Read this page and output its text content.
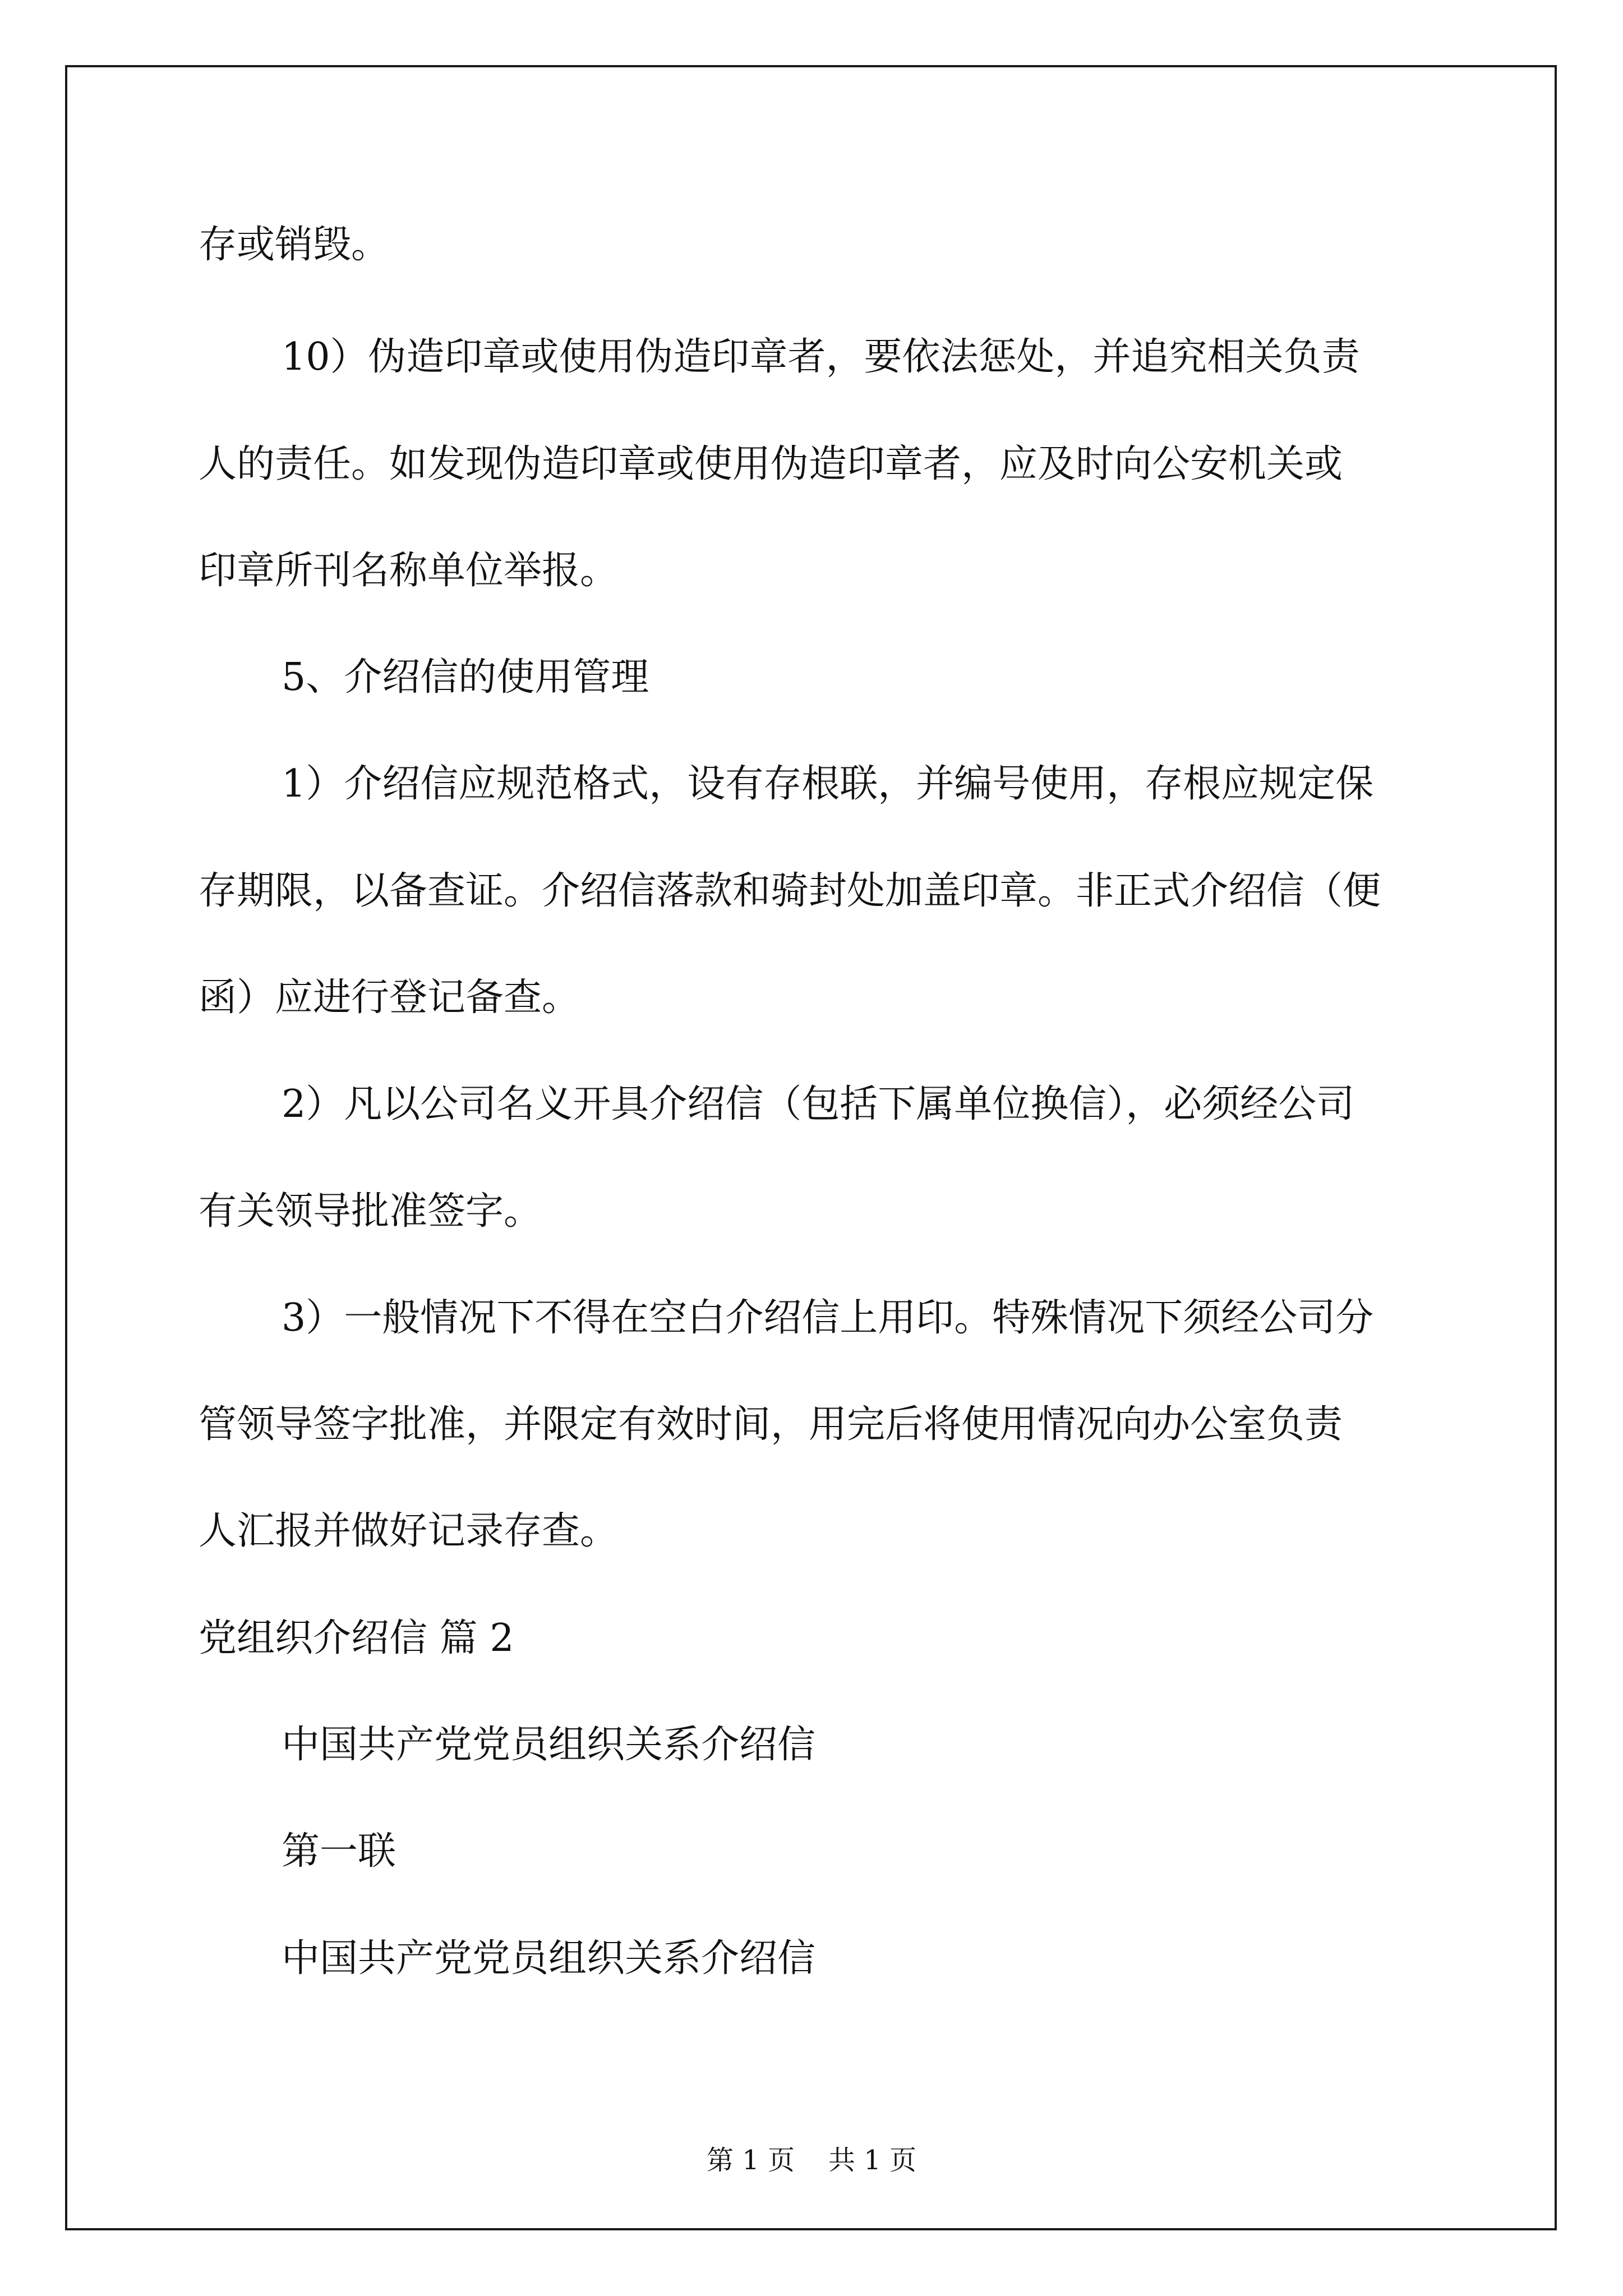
存或销毁。
10）伪造印章或使用伪造印章者，要依法惩处，并追究相关负责
人的责任。如发现伪造印章或使用伪造印章者，应及时向公安机关或
印章所刊名称单位举报。
5、介绍信的使用管理
1）介绍信应规范格式，设有存根联，并编号使用，存根应规定保
存期限，以备查证。介绍信落款和骑封处加盖印章。非正式介绍信（便
函）应进行登记备查。
2）凡以公司名义开具介绍信（包括下属单位换信），必须经公司
有关领导批准签字。
3）一般情况下不得在空白介绍信上用印。特殊情况下须经公司分
管领导签字批准，并限定有效时间，用完后将使用情况向办公室负责
人汇报并做好记录存查。
党组织介绍信 篇 2
中国共产党党员组织关系介绍信
第一联
中国共产党党员组织关系介绍信
第 1 页 共 1 页
